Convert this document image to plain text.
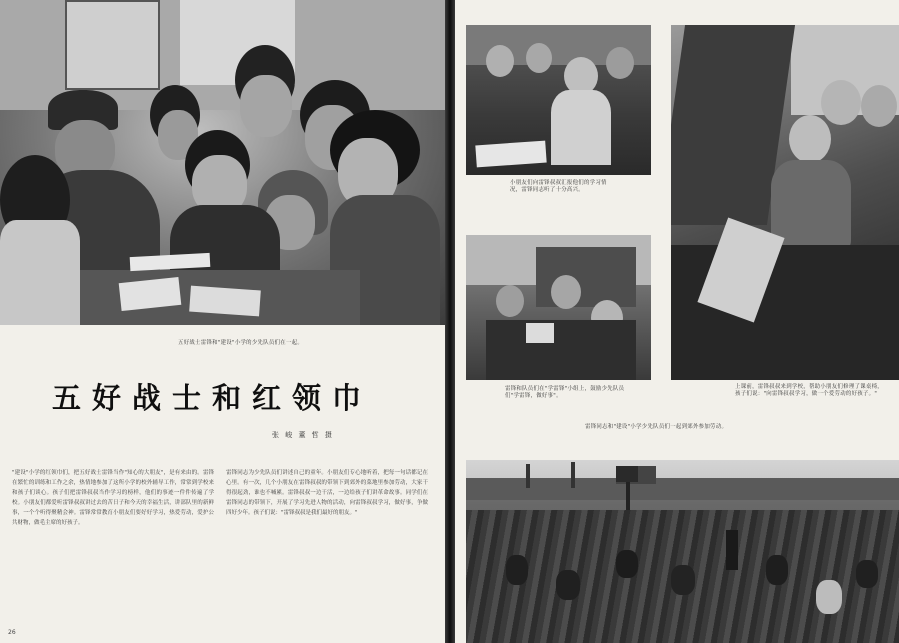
五好战士雷锋和"建设"小学的少先队员们在一起。
五好战士和红领巾
张 峻 董 哲 摄
"建设"小学的红领巾们，把五好战士雷锋当作"知心的大朋友"，是有来由的。雷锋在繁忙的训练和工作之余，热情地参加了这所小学的校外辅导工作，常常到学校来和孩子们谈心。孩子们把雷锋叔叔当作学习的榜样，他们的事迹一件件传遍了学校。小朋友们都爱听雷锋叔叔讲过去的苦日子和今天的幸福生活，讲部队里的新鲜事，一个个听得聚精会神。雷锋常常教育小朋友们要好好学习，热爱劳动，爱护公共财物，做毛主席的好孩子。
雷锋同志为少先队员们讲述自己的童年。小朋友们专心地听着，把每一句话都记在心里。有一次，几个小朋友在雷锋叔叔的带领下到郊外的菜地里参加劳动，大家干得很起劲，谁也不喊累。雷锋叔叔一边干活，一边给孩子们讲革命故事。同学们在雷锋同志的带领下，开展了学习先进人物的活动，向雷锋叔叔学习，做好事，争做四好少年。孩子们说："雷锋叔叔是我们最好的朋友。"
26
小朋友们向雷锋叔叔汇报他们的学习情况，雷锋同志听了十分高兴。
上课前，雷锋叔叔来到学校，帮助小朋友们修理了课桌椅，孩子们说："向雷锋叔叔学习，做一个爱劳动的好孩子。"
雷锋和队员们在"学雷锋"小组上，鼓励少先队员们"学雷锋，做好事"。
雷锋同志和"建设"小学少先队员们一起到郊外参加劳动。
